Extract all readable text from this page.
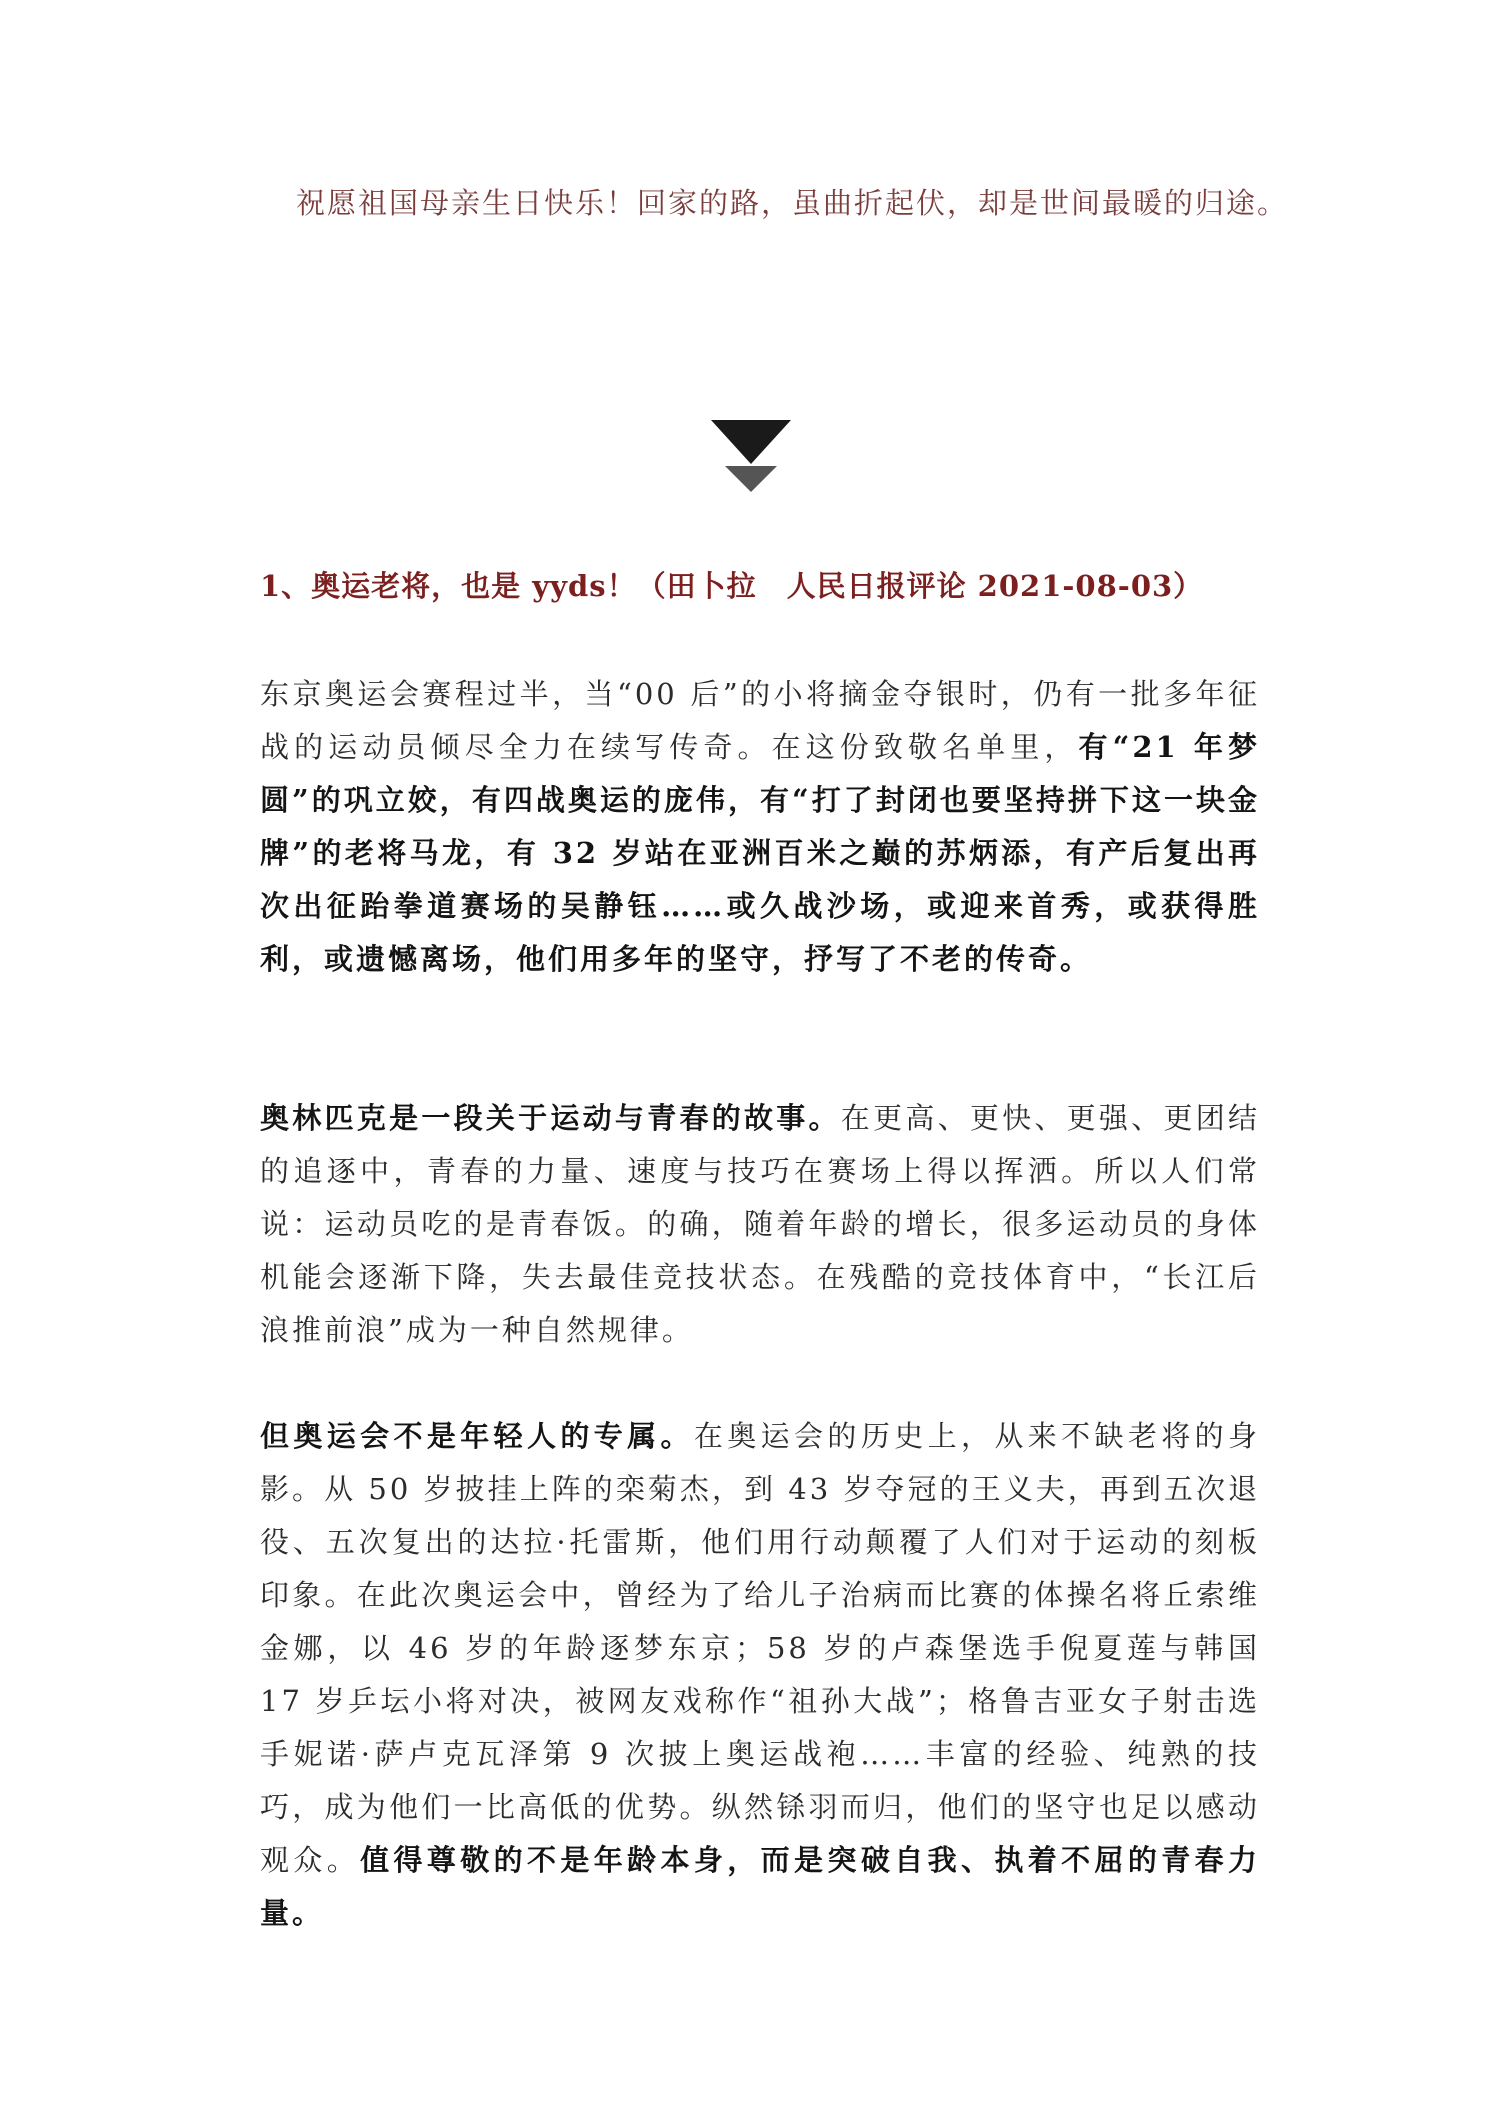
祝愿祖国母亲生日快乐！回家的路，虽曲折起伏，却是世间最暖的归途。

1、奥运老将，也是 yyds！（田卜拉　人民日报评论 2021-08-03）

东京奥运会赛程过半，当“00 后”的小将摘金夺银时，仍有一批多年征战的运动员倾尽全力在续写传奇。在这份致敬名单里，有“21 年梦圆”的巩立姣，有四战奥运的庞伟，有“打了封闭也要坚持拼下这一块金牌”的老将马龙，有 32 岁站在亚洲百米之巅的苏炳添，有产后复出再次出征跆拳道赛场的吴静钰……或久战沙场，或迎来首秀，或获得胜利，或遗憾离场，他们用多年的坚守，抒写了不老的传奇。

奥林匹克是一段关于运动与青春的故事。在更高、更快、更强、更团结的追逐中，青春的力量、速度与技巧在赛场上得以挥洒。所以人们常说：运动员吃的是青春饭。的确，随着年龄的增长，很多运动员的身体机能会逐渐下降，失去最佳竞技状态。在残酷的竞技体育中，“长江后浪推前浪”成为一种自然规律。

但奥运会不是年轻人的专属。在奥运会的历史上，从来不缺老将的身影。从 50 岁披挂上阵的栾菊杰，到 43 岁夺冠的王义夫，再到五次退役、五次复出的达拉·托雷斯，他们用行动颠覆了人们对于运动的刻板印象。在此次奥运会中，曾经为了给儿子治病而比赛的体操名将丘索维金娜，以 46 岁的年龄逐梦东京；58 岁的卢森堡选手倪夏莲与韩国 17 岁乒坛小将对决，被网友戏称作“祖孙大战”；格鲁吉亚女子射击选手妮诺·萨卢克瓦泽第 9 次披上奥运战袍……丰富的经验、纯熟的技巧，成为他们一比高低的优势。纵然铩羽而归，他们的坚守也足以感动观众。值得尊敬的不是年龄本身，而是突破自我、执着不屈的青春力量。
